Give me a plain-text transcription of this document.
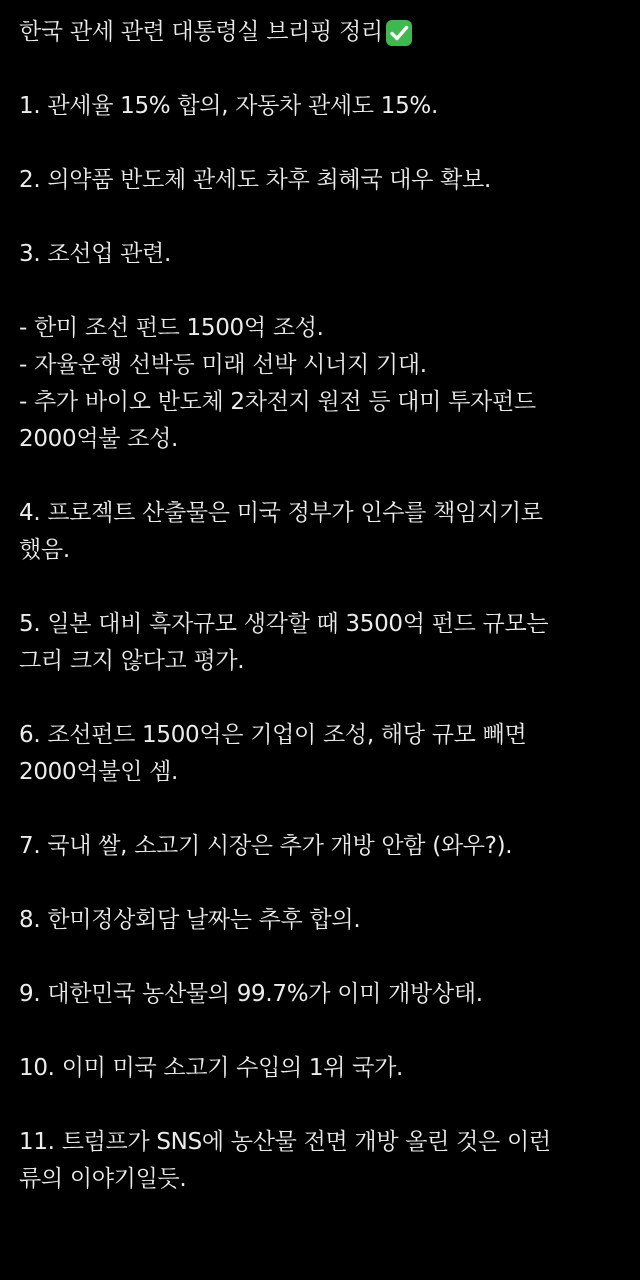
한국 관세 관련 대통령실 브리핑 정리
1. 관세율 15% 합의, 자동차 관세도 15%.
2. 의약품 반도체 관세도 차후 최혜국 대우 확보.
3. 조선업 관련.
- 한미 조선 펀드 1500억 조성.
- 자율운행 선박등 미래 선박 시너지 기대.
- 추가 바이오 반도체 2차전지 원전 등 대미 투자펀드
2000억불 조성.
4. 프로젝트 산출물은 미국 정부가 인수를 책임지기로
했음.
5. 일본 대비 흑자규모 생각할 때 3500억 펀드 규모는
그리 크지 않다고 평가.
6. 조선펀드 1500억은 기업이 조성, 해당 규모 빼면
2000억불인 셈.
7. 국내 쌀, 소고기 시장은 추가 개방 안함 (와우?).
8. 한미정상회담 날짜는 추후 합의.
9. 대한민국 농산물의 99.7%가 이미 개방상태.
10. 이미 미국 소고기 수입의 1위 국가.
11. 트럼프가 SNS에 농산물 전면 개방 올린 것은 이런
류의 이야기일듯.
